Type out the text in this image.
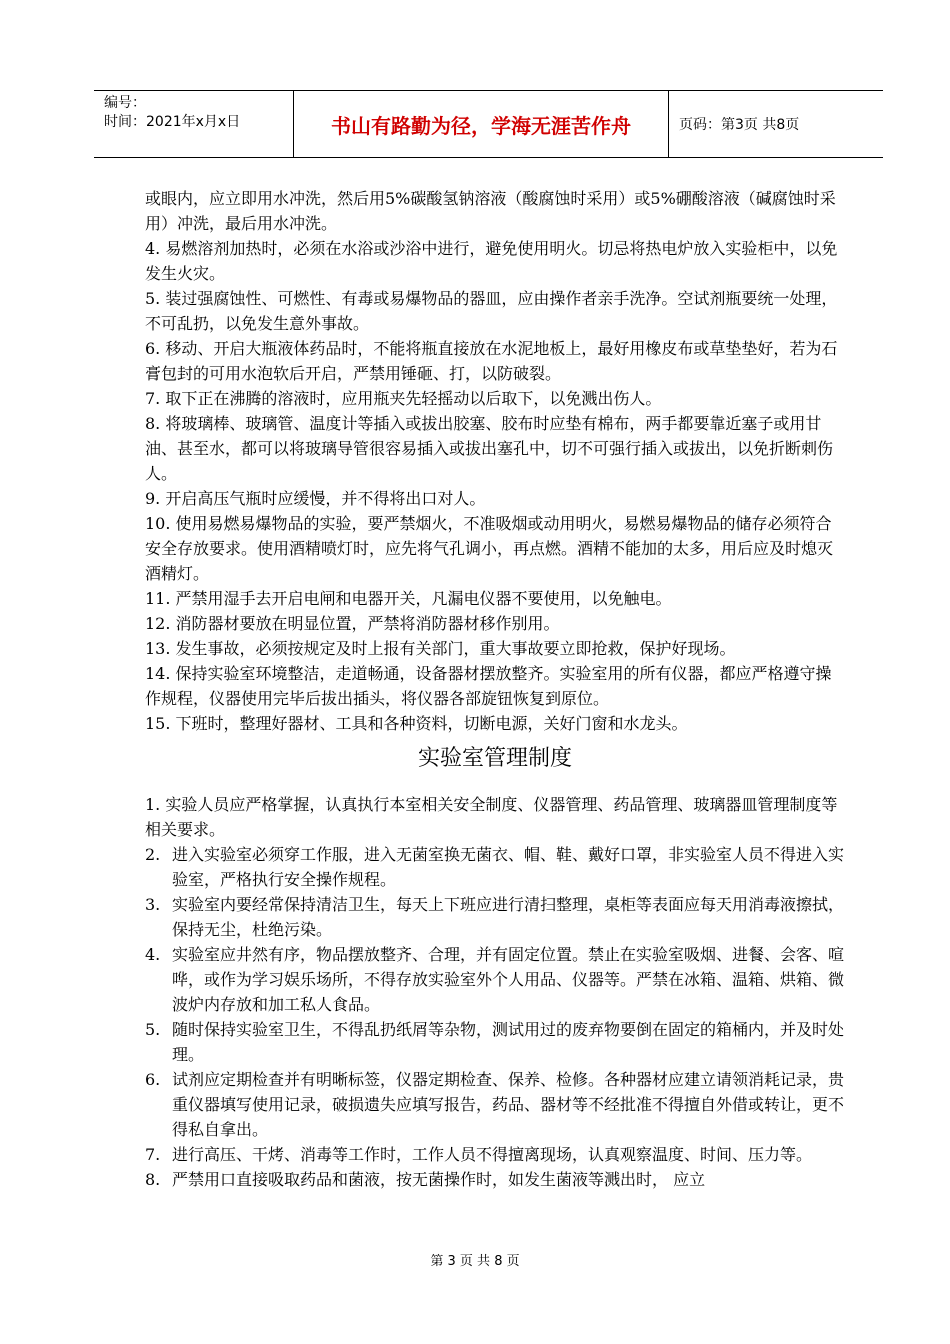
编号：
时间：2021年x月x日	书山有路勤为径，学海无涯苦作舟	页码：第3页 共8页

或眼内，应立即用水冲洗，然后用5%碳酸氢钠溶液（酸腐蚀时采用）或5%硼酸溶液（碱腐蚀时采用）冲洗，最后用水冲洗。

4. 易燃溶剂加热时，必须在水浴或沙浴中进行，避免使用明火。切忌将热电炉放入实验柜中，以免发生火灾。

5. 装过强腐蚀性、可燃性、有毒或易爆物品的器皿，应由操作者亲手洗净。空试剂瓶要统一处理，不可乱扔，以免发生意外事故。

6. 移动、开启大瓶液体药品时，不能将瓶直接放在水泥地板上，最好用橡皮布或草垫垫好，若为石膏包封的可用水泡软后开启，严禁用锤砸、打，以防破裂。

7. 取下正在沸腾的溶液时，应用瓶夹先轻摇动以后取下，以免溅出伤人。

8. 将玻璃棒、玻璃管、温度计等插入或拔出胶塞、胶布时应垫有棉布，两手都要靠近塞子或用甘油、甚至水，都可以将玻璃导管很容易插入或拔出塞孔中，切不可强行插入或拔出，以免折断刺伤人。

9. 开启高压气瓶时应缓慢，并不得将出口对人。

10. 使用易燃易爆物品的实验，要严禁烟火，不准吸烟或动用明火，易燃易爆物品的储存必须符合安全存放要求。使用酒精喷灯时，应先将气孔调小，再点燃。酒精不能加的太多，用后应及时熄灭酒精灯。

11. 严禁用湿手去开启电闸和电器开关，凡漏电仪器不要使用，以免触电。

12. 消防器材要放在明显位置，严禁将消防器材移作别用。

13. 发生事故，必须按规定及时上报有关部门，重大事故要立即抢救，保护好现场。

14. 保持实验室环境整洁，走道畅通，设备器材摆放整齐。实验室用的所有仪器，都应严格遵守操作规程，仪器使用完毕后拔出插头，将仪器各部旋钮恢复到原位。

15. 下班时，整理好器材、工具和各种资料，切断电源，关好门窗和水龙头。

实验室管理制度

1. 实验人员应严格掌握，认真执行本室相关安全制度、仪器管理、药品管理、玻璃器皿管理制度等相关要求。

2. 进入实验室必须穿工作服，进入无菌室换无菌衣、帽、鞋、戴好口罩，非实验室人员不得进入实验室，严格执行安全操作规程。
3. 实验室内要经常保持清洁卫生，每天上下班应进行清扫整理，桌柜等表面应每天用消毒液擦拭，保持无尘，杜绝污染。
4. 实验室应井然有序，物品摆放整齐、合理，并有固定位置。禁止在实验室吸烟、进餐、会客、喧哗，或作为学习娱乐场所，不得存放实验室外个人用品、仪器等。严禁在冰箱、温箱、烘箱、微波炉内存放和加工私人食品。
5. 随时保持实验室卫生，不得乱扔纸屑等杂物，测试用过的废弃物要倒在固定的箱桶内，并及时处理。
6. 试剂应定期检查并有明晰标签，仪器定期检查、保养、检修。各种器材应建立请领消耗记录，贵重仪器填写使用记录，破损遗失应填写报告，药品、器材等不经批准不得擅自外借或转让，更不得私自拿出。
7. 进行高压、干烤、消毒等工作时，工作人员不得擅离现场，认真观察温度、时间、压力等。
8. 严禁用口直接吸取药品和菌液，按无菌操作时，如发生菌液等溅出时， 应立
第 3 页 共 8 页
